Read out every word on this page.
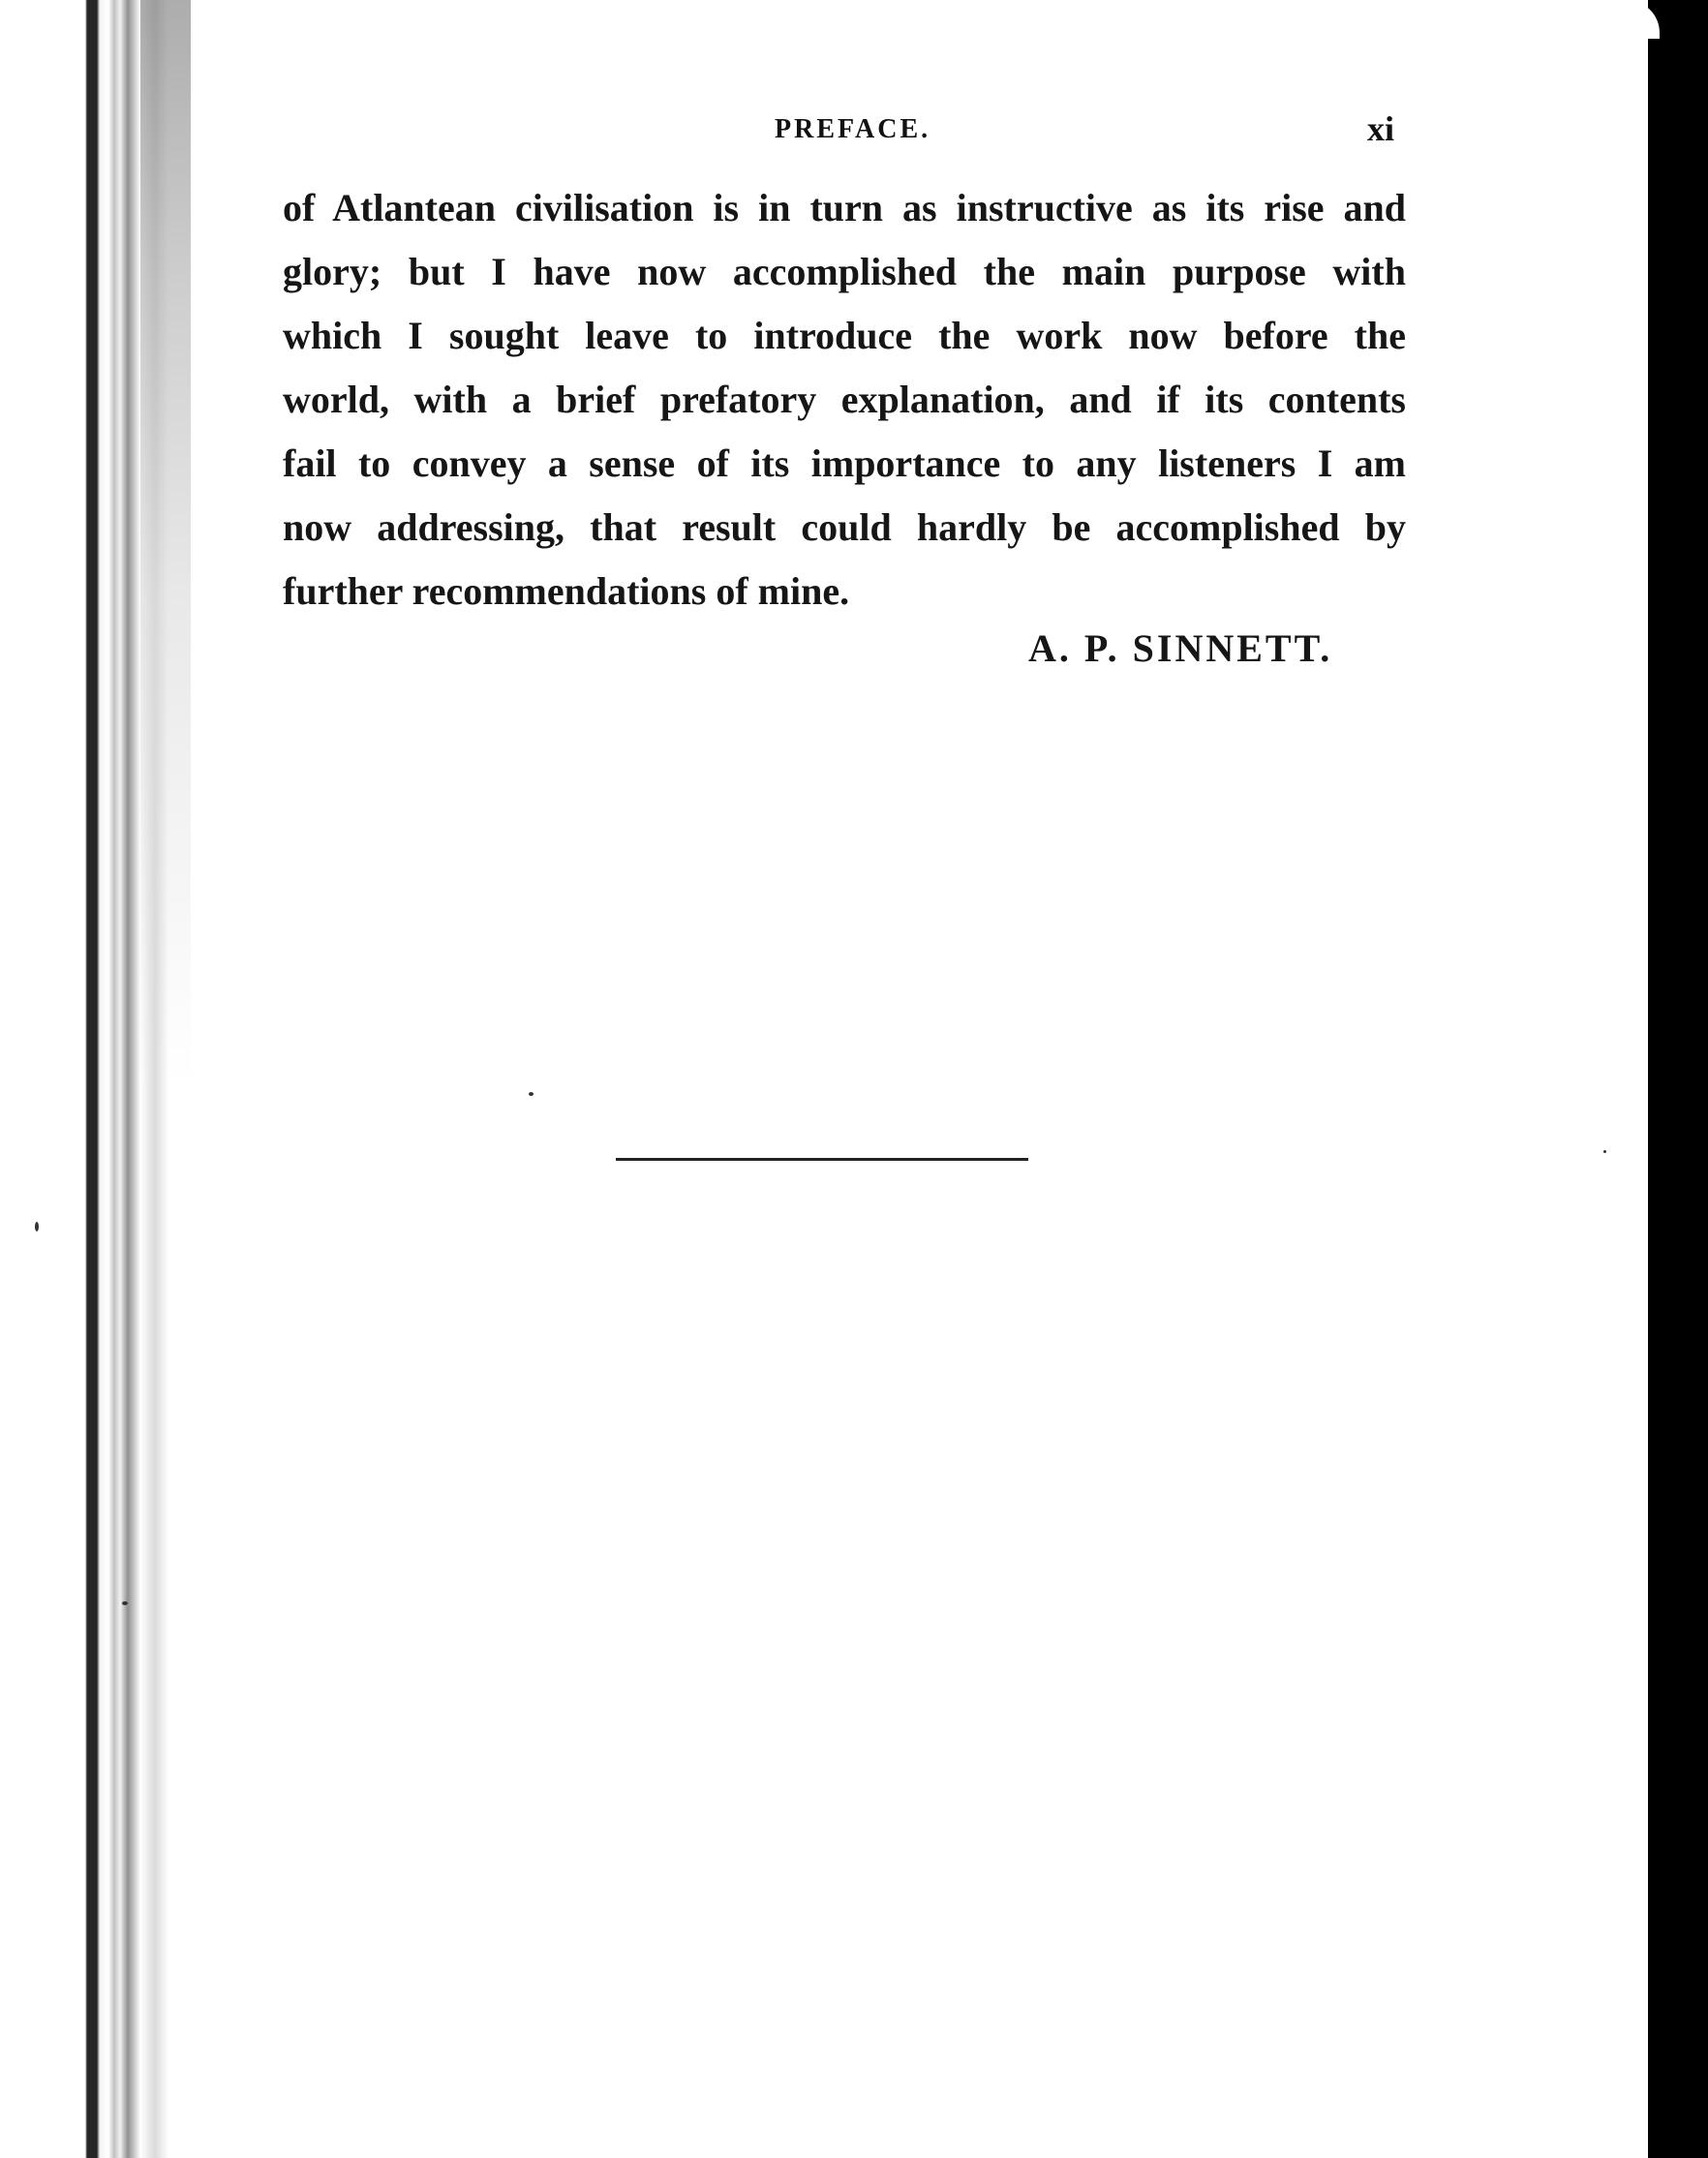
PREFACE.	xi
of Atlantean civilisation is in turn as instructive as its rise and
glory; but I have now accomplished the main purpose with
which I sought leave to introduce the work now before the
world, with a brief prefatory explanation, and if its contents
fail to convey a sense of its importance to any listeners I am
now addressing, that result could hardly be accomplished by
further recommendations of mine.
A. P. SINNETT.
